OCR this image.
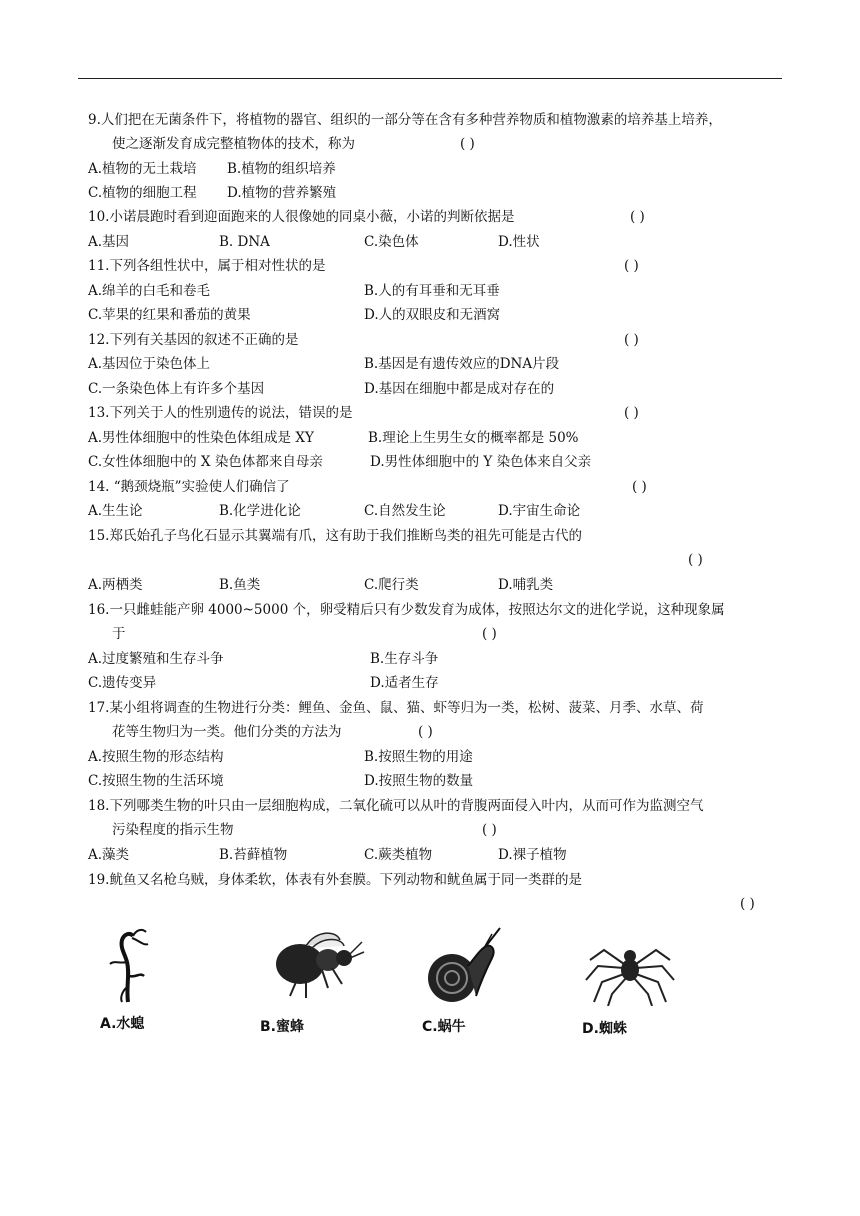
9.人们把在无菌条件下，将植物的器官、组织的一部分等在含有多种营养物质和植物激素的培养基上培养，
使之逐渐发育成完整植物体的技术，称为	( )
A.植物的无土栽培 B.植物的组织培养
C.植物的细胞工程 D.植物的营养繁殖
10.小诺晨跑时看到迎面跑来的人很像她的同桌小薇，小诺的判断依据是	( )
A.基因	B. DNA	C.染色体	D.性状
11.下列各组性状中，属于相对性状的是	( )
A.绵羊的白毛和卷毛	B.人的有耳垂和无耳垂
C.苹果的红果和番茄的黄果	D.人的双眼皮和无酒窝
12.下列有关基因的叙述不正确的是	( )
A.基因位于染色体上	B.基因是有遗传效应的DNA片段
C.一条染色体上有许多个基因	D.基因在细胞中都是成对存在的
13.下列关于人的性别遗传的说法，错误的是	( )
A.男性体细胞中的性染色体组成是 XY	B.理论上生男生女的概率都是 50%
C.女性体细胞中的 X 染色体都来自母亲	D.男性体细胞中的 Y 染色体来自父亲
14. “鹅颈烧瓶”实验使人们确信了	( )
A.生生论	B.化学进化论	C.自然发生论	D.宇宙生命论
15.郑氏始孔子鸟化石显示其翼端有爪，这有助于我们推断鸟类的祖先可能是古代的
( )
A.两栖类	B.鱼类	C.爬行类	D.哺乳类
16.一只雌蛙能产卵 4000~5000 个，卵受精后只有少数发育为成体，按照达尔文的进化学说，这种现象属
于	( )
A.过度繁殖和生存斗争	B.生存斗争
C.遗传变异	D.适者生存
17.某小组将调查的生物进行分类：鲤鱼、金鱼、鼠、猫、虾等归为一类，松树、菠菜、月季、水草、荷
花等生物归为一类。他们分类的方法为	( )
A.按照生物的形态结构	B.按照生物的用途
C.按照生物的生活环境	D.按照生物的数量
18.下列哪类生物的叶只由一层细胞构成，二氧化硫可以从叶的背腹两面侵入叶内，从而可作为监测空气
污染程度的指示生物	( )
A.藻类	B.苔藓植物	C.蕨类植物	D.裸子植物
19.鱿鱼又名枪乌贼，身体柔软，体表有外套膜。下列动物和鱿鱼属于同一类群的是
( )
A.水螅	B.蜜蜂	C.蜗牛	D.蜘蛛
